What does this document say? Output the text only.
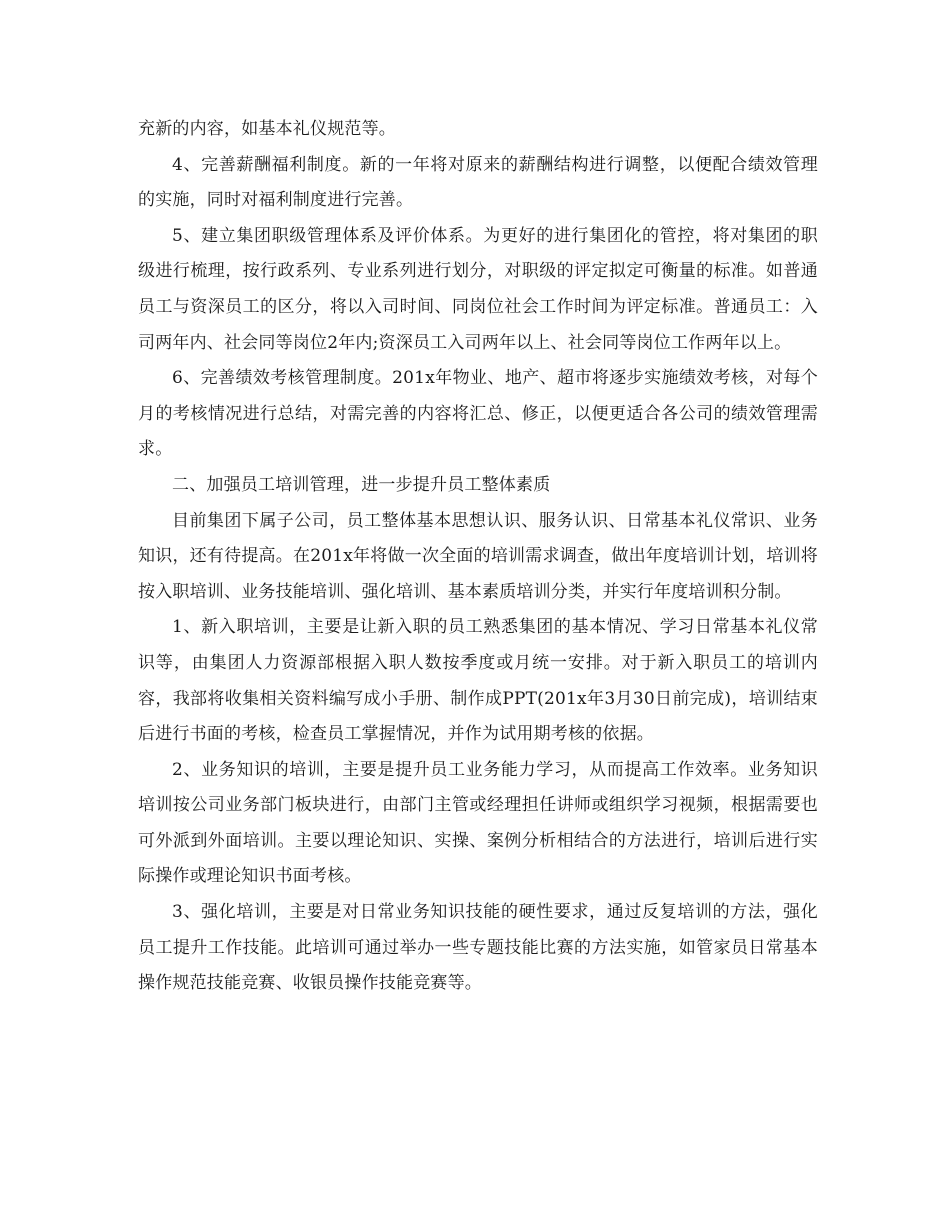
充新的内容，如基本礼仪规范等。

4、完善薪酬福利制度。新的一年将对原来的薪酬结构进行调整，以便配合绩效管理的实施，同时对福利制度进行完善。

5、建立集团职级管理体系及评价体系。为更好的进行集团化的管控，将对集团的职级进行梳理，按行政系列、专业系列进行划分，对职级的评定拟定可衡量的标准。如普通员工与资深员工的区分，将以入司时间、同岗位社会工作时间为评定标准。普通员工：入司两年内、社会同等岗位2年内;资深员工入司两年以上、社会同等岗位工作两年以上。

6、完善绩效考核管理制度。201x年物业、地产、超市将逐步实施绩效考核，对每个月的考核情况进行总结，对需完善的内容将汇总、修正，以便更适合各公司的绩效管理需求。

二、加强员工培训管理，进一步提升员工整体素质

目前集团下属子公司，员工整体基本思想认识、服务认识、日常基本礼仪常识、业务知识，还有待提高。在201x年将做一次全面的培训需求调查，做出年度培训计划，培训将按入职培训、业务技能培训、强化培训、基本素质培训分类，并实行年度培训积分制。

1、新入职培训，主要是让新入职的员工熟悉集团的基本情况、学习日常基本礼仪常识等，由集团人力资源部根据入职人数按季度或月统一安排。对于新入职员工的培训内容，我部将收集相关资料编写成小手册、制作成PPT(201x年3月30日前完成)，培训结束后进行书面的考核，检查员工掌握情况，并作为试用期考核的依据。

2、业务知识的培训，主要是提升员工业务能力学习，从而提高工作效率。业务知识培训按公司业务部门板块进行，由部门主管或经理担任讲师或组织学习视频，根据需要也可外派到外面培训。主要以理论知识、实操、案例分析相结合的方法进行，培训后进行实际操作或理论知识书面考核。

3、强化培训，主要是对日常业务知识技能的硬性要求，通过反复培训的方法，强化员工提升工作技能。此培训可通过举办一些专题技能比赛的方法实施，如管家员日常基本操作规范技能竞赛、收银员操作技能竞赛等。
